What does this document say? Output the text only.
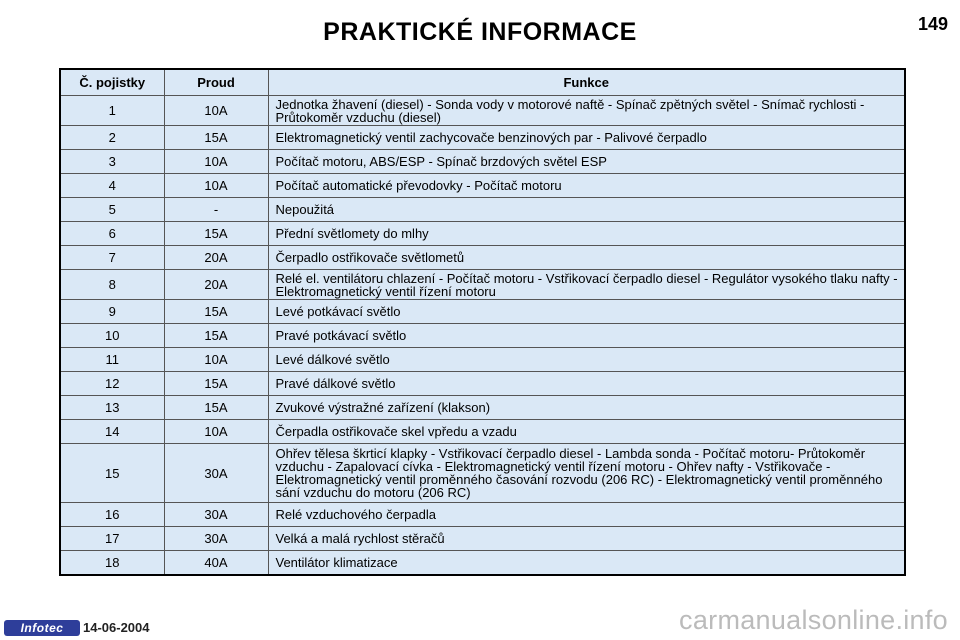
PRAKTICKÉ INFORMACE	149
Č. pojistky	Proud	Funkce
1	10A	Jednotka žhavení (diesel) - Sonda vody v motorové naftě - Spínač zpětných světel - Snímač rychlosti - Průtokoměr vzduchu (diesel)
2	15A	Elektromagnetický ventil zachycovače benzinových par - Palivové čerpadlo
3	10A	Počítač motoru, ABS/ESP - Spínač brzdových světel ESP
4	10A	Počítač automatické převodovky - Počítač motoru
5	-	Nepoužitá
6	15A	Přední světlomety do mlhy
7	20A	Čerpadlo ostřikovače světlometů
8	20A	Relé el. ventilátoru chlazení - Počítač motoru - Vstřikovací čerpadlo diesel - Regulátor vysokého tlaku nafty - Elektromagnetický ventil řízení motoru
9	15A	Levé potkávací světlo
10	15A	Pravé potkávací světlo
11	10A	Levé dálkové světlo
12	15A	Pravé dálkové světlo
13	15A	Zvukové výstražné zařízení (klakson)
14	10A	Čerpadla ostřikovače skel vpředu a vzadu
15	30A	Ohřev tělesa škrticí klapky - Vstřikovací čerpadlo diesel - Lambda sonda - Počítač motoru- Průtokoměr vzduchu - Zapalovací cívka - Elektromagnetický ventil řízení motoru - Ohřev nafty - Vstřikovače - Elektromagnetický ventil proměnného časování rozvodu (206 RC) - Elektromagnetický ventil proměnného sání vzduchu do motoru (206 RC)
16	30A	Relé vzduchového čerpadla
17	30A	Velká a malá rychlost stěračů
18	40A	Ventilátor klimatizace
Infotec	14-06-2004	carmanualsonline.info
